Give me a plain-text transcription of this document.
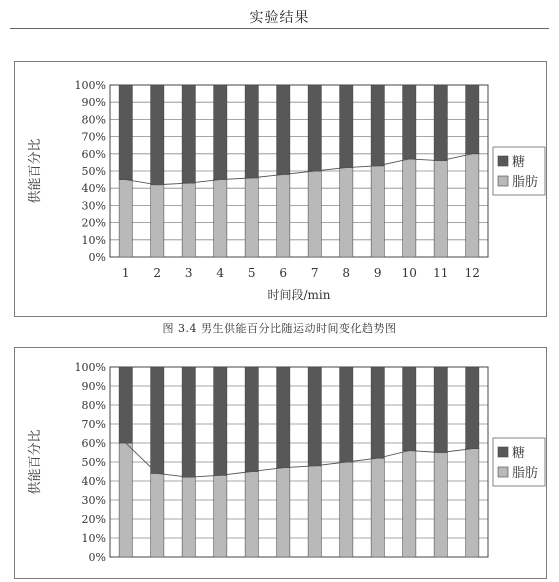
实验结果
0%
10%
20%
30%
40%
50%
60%
70%
80%
90%
100%
1 2 3 4 5 6 7 8 9 10 11 12
供能百分比
时间段/min
糖
脂肪
图 3.4 男生供能百分比随运动时间变化趋势图
0%
10%
20%
30%
40%
50%
60%
70%
80%
90%
100%
供能百分比	糖
脂肪
